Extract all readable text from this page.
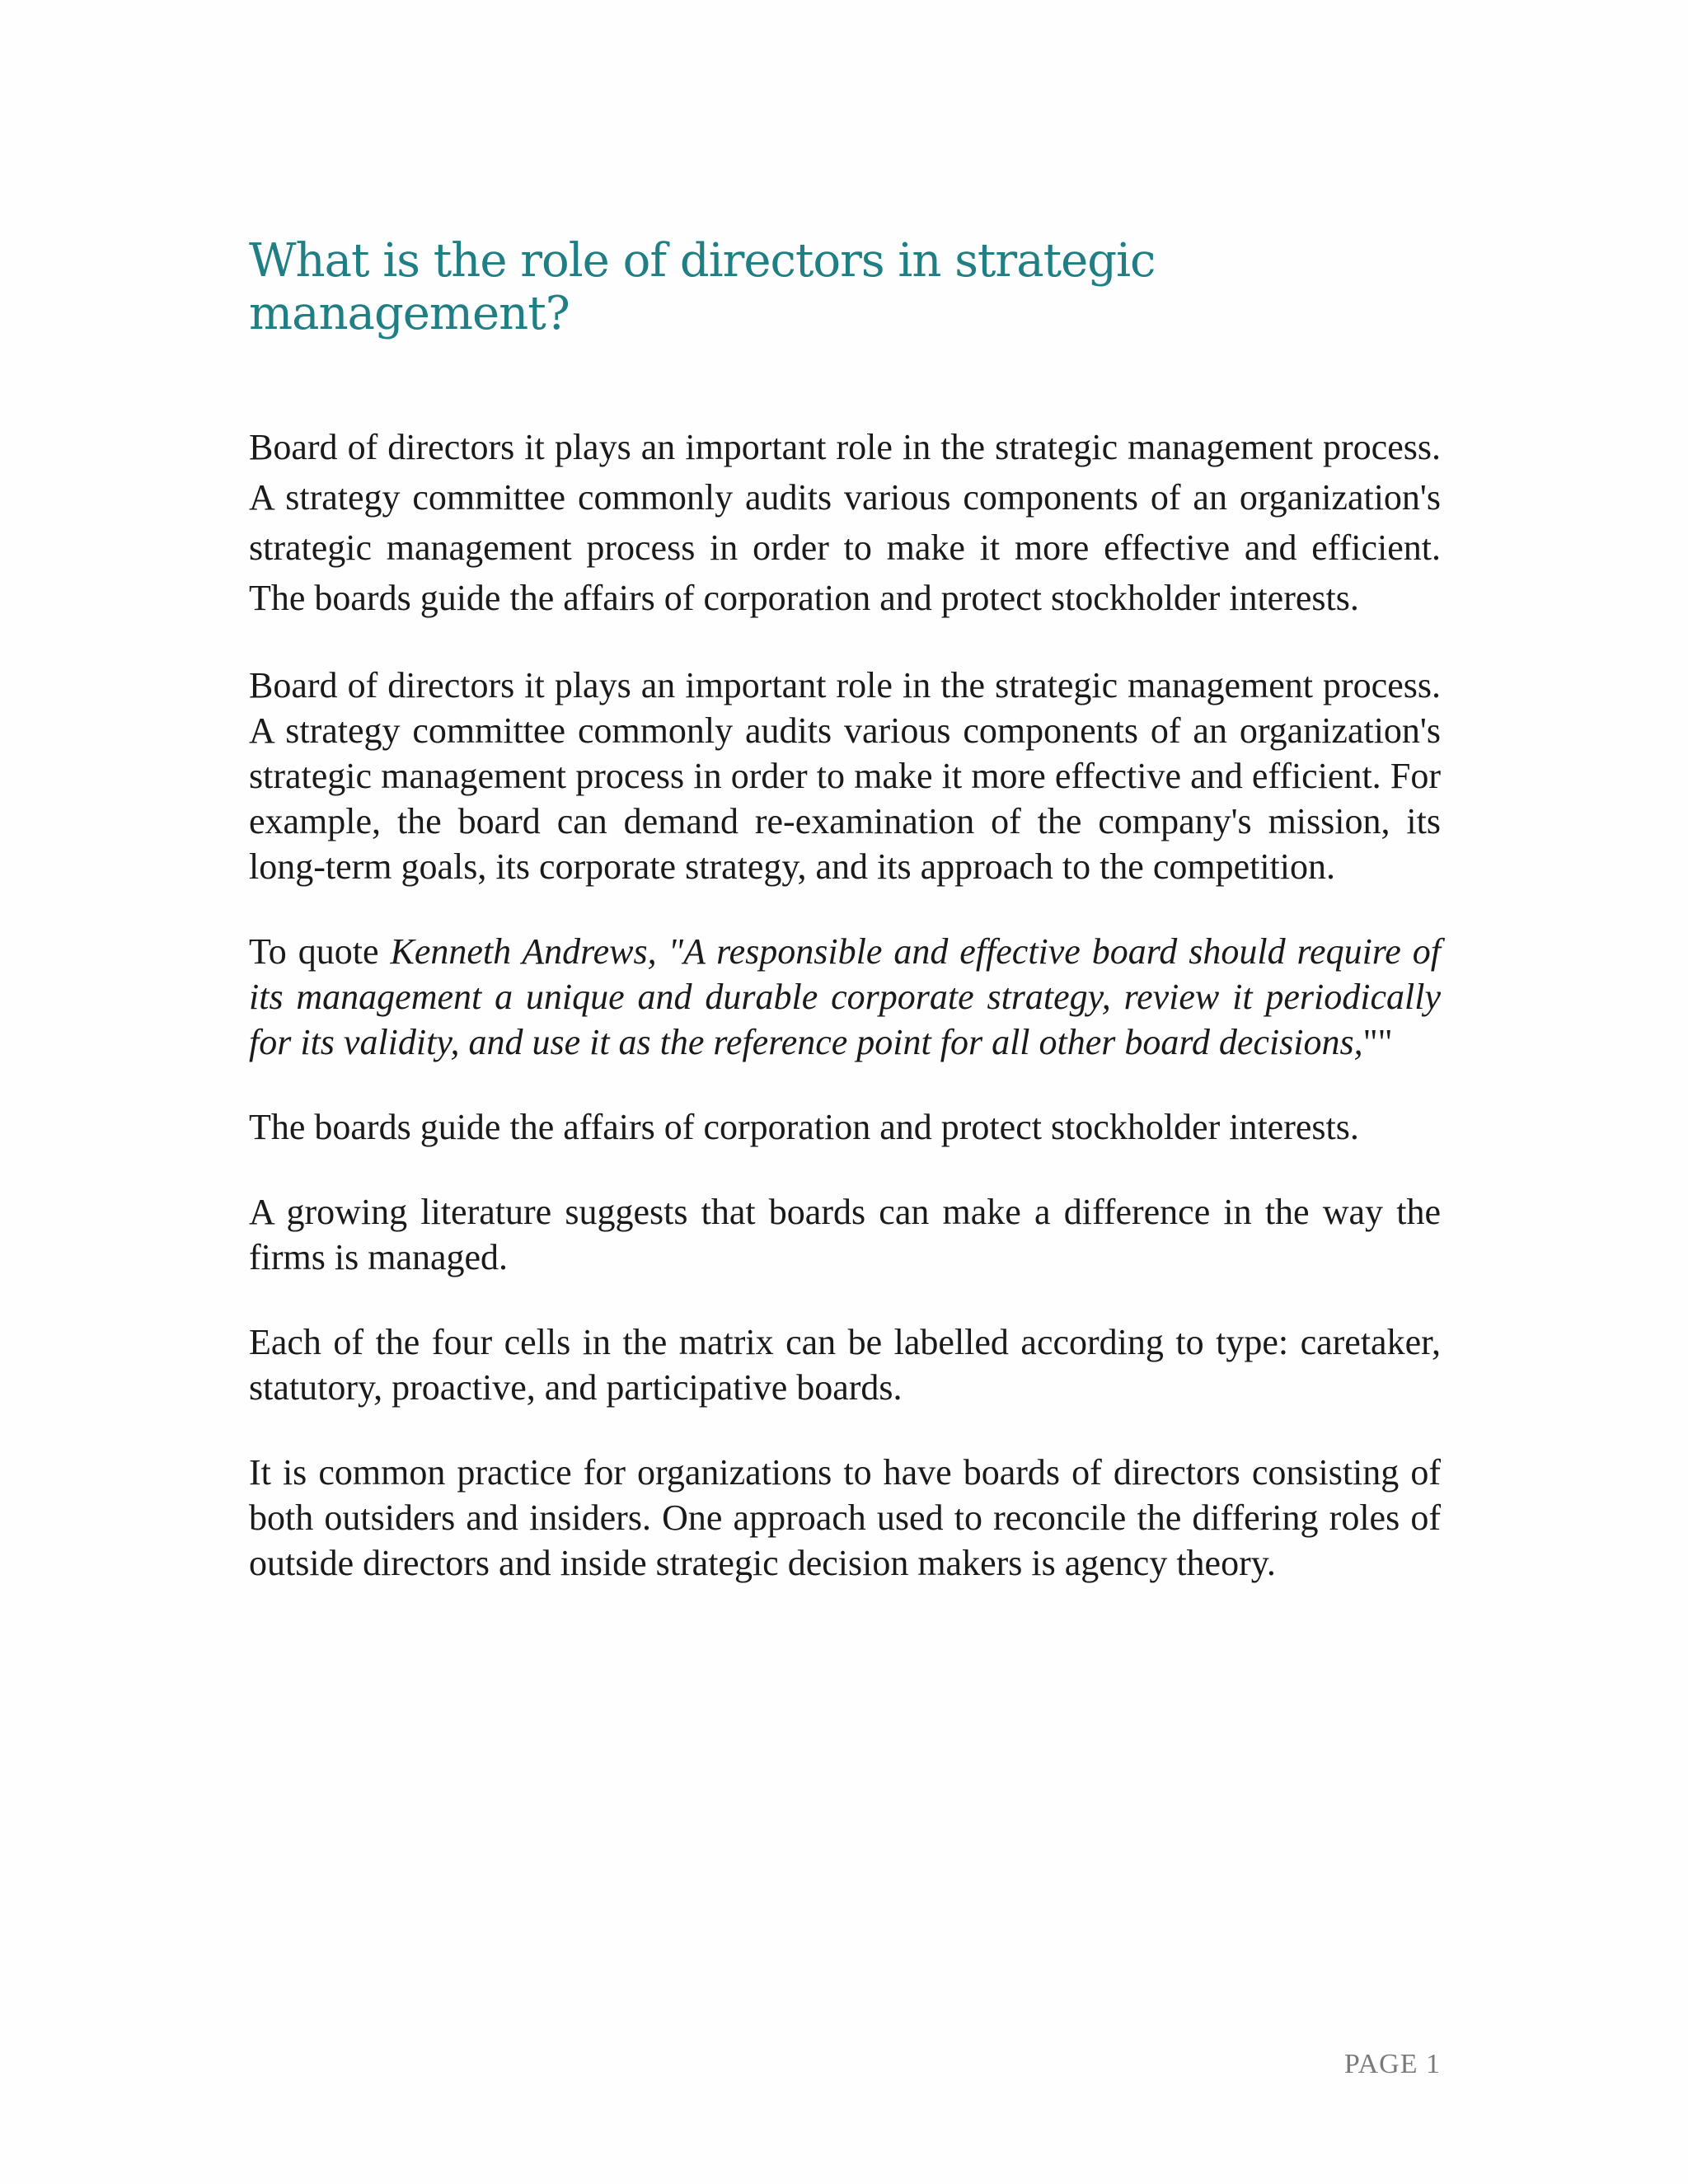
What is the role of directors in strategic management?

Board of directors it plays an important role in the strategic management process. A strategy committee commonly audits various components of an organization's strategic management process in order to make it more effective and efficient. The boards guide the affairs of corporation and protect stockholder interests.

Board of directors it plays an important role in the strategic management process. A strategy committee commonly audits various components of an organization's strategic management process in order to make it more effective and efficient. For example, the board can demand re-examination of the company's mission, its long-term goals, its corporate strategy, and its approach to the competition.

To quote Kenneth Andrews, "A responsible and effective board should require of its management a unique and durable corporate strategy, review it periodically for its validity, and use it as the reference point for all other board decisions,""

The boards guide the affairs of corporation and protect stockholder interests.

A growing literature suggests that boards can make a difference in the way the firms is managed.

Each of the four cells in the matrix can be labelled according to type: caretaker, statutory, proactive, and participative boards.

It is common practice for organizations to have boards of directors consisting of both outsiders and insiders. One approach used to reconcile the differing roles of outside directors and inside strategic decision makers is agency theory.

PAGE 1
